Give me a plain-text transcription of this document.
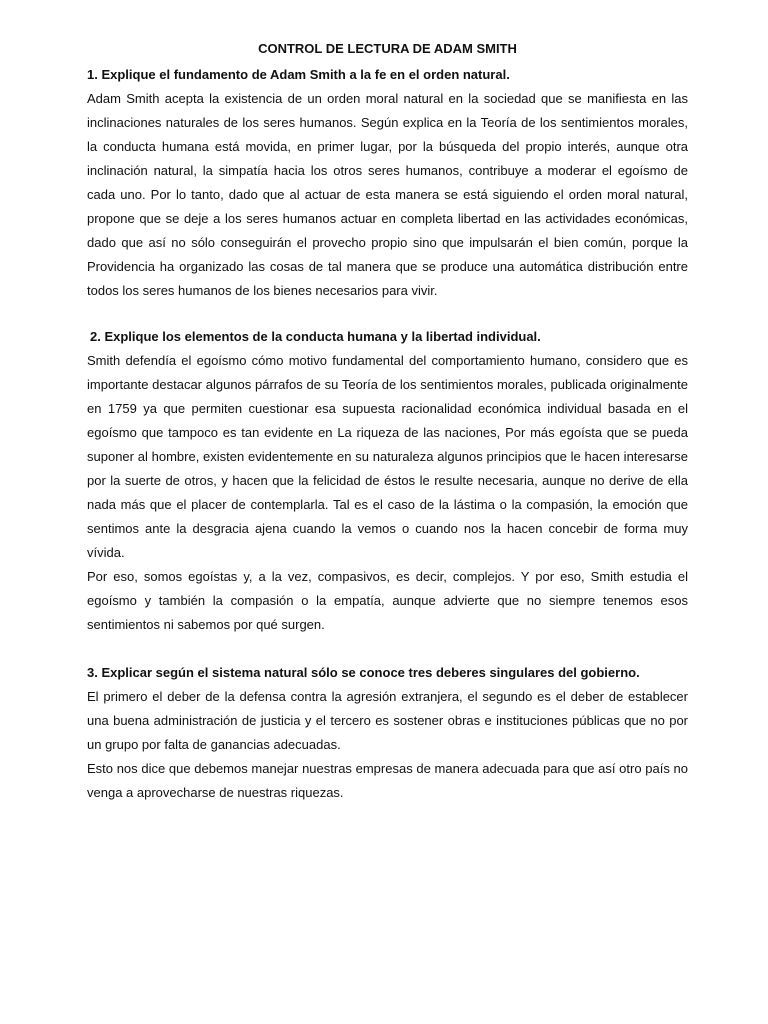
CONTROL DE LECTURA DE ADAM SMITH

1. Explique el fundamento de Adam Smith a la fe en el orden natural.

Adam Smith acepta la existencia de un orden moral natural en la sociedad que se manifiesta en las inclinaciones naturales de los seres humanos. Según explica en la Teoría de los sentimientos morales, la conducta humana está movida, en primer lugar, por la búsqueda del propio interés, aunque otra inclinación natural, la simpatía hacia los otros seres humanos, contribuye a moderar el egoísmo de cada uno. Por lo tanto, dado que al actuar de esta manera se está siguiendo el orden moral natural, propone que se deje a los seres humanos actuar en completa libertad en las actividades económicas, dado que así no sólo conseguirán el provecho propio sino que impulsarán el bien común, porque la Providencia ha organizado las cosas de tal manera que se produce una automática distribución entre todos los seres humanos de los bienes necesarios para vivir.

2. Explique los elementos de la conducta humana y la libertad individual.

Smith defendía el egoísmo cómo motivo fundamental del comportamiento humano, considero que es importante destacar algunos párrafos de su Teoría de los sentimientos morales, publicada originalmente en 1759 ya que permiten cuestionar esa supuesta racionalidad económica individual basada en el egoísmo que tampoco es tan evidente en La riqueza de las naciones, Por más egoísta que se pueda suponer al hombre, existen evidentemente en su naturaleza algunos principios que le hacen interesarse por la suerte de otros, y hacen que la felicidad de éstos le resulte necesaria, aunque no derive de ella nada más que el placer de contemplarla. Tal es el caso de la lástima o la compasión, la emoción que sentimos ante la desgracia ajena cuando la vemos o cuando nos la hacen concebir de forma muy vívida.

Por eso, somos egoístas y, a la vez, compasivos, es decir, complejos. Y por eso, Smith estudia el egoísmo y también la compasión o la empatía, aunque advierte que no siempre tenemos esos sentimientos ni sabemos por qué surgen.

3. Explicar según el sistema natural sólo se conoce tres deberes singulares del gobierno.

El primero el deber de la defensa contra la agresión extranjera, el segundo es el deber de establecer una buena administración de justicia y el tercero es sostener obras e instituciones públicas que no por un grupo por falta de ganancias adecuadas.

Esto nos dice que debemos manejar nuestras empresas de manera adecuada para que así otro país no venga a aprovecharse de nuestras riquezas.
